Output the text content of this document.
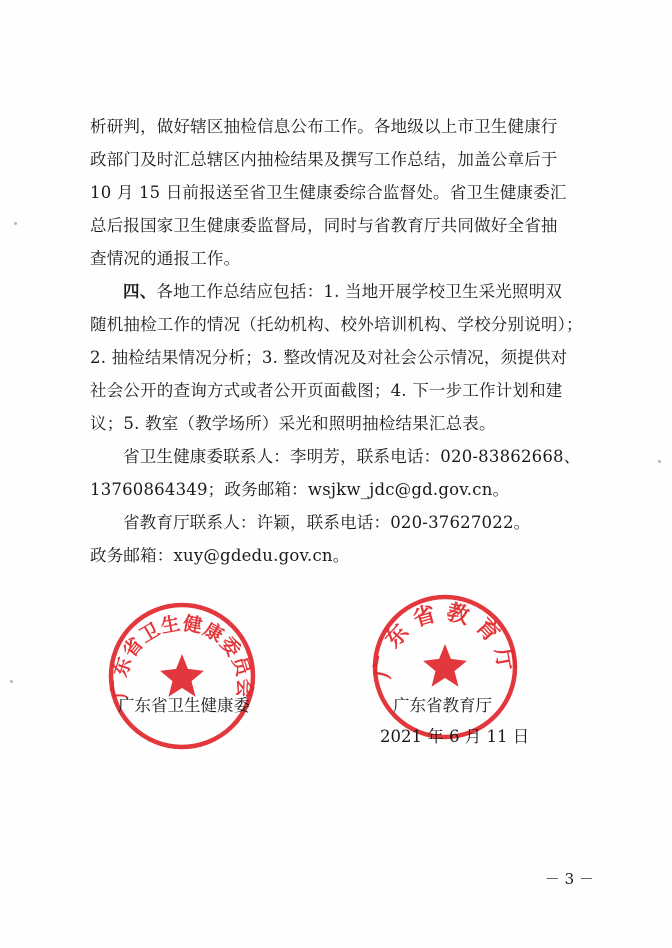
析研判，做好辖区抽检信息公布工作。各地级以上市卫生健康行
政部门及时汇总辖区内抽检结果及撰写工作总结，加盖公章后于
10 月 15 日前报送至省卫生健康委综合监督处。省卫生健康委汇
总后报国家卫生健康委监督局，同时与省教育厅共同做好全省抽
查情况的通报工作。
四、各地工作总结应包括：1. 当地开展学校卫生采光照明双
随机抽检工作的情况（托幼机构、校外培训机构、学校分别说明）；
2. 抽检结果情况分析；3. 整改情况及对社会公示情况，须提供对
社会公开的查询方式或者公开页面截图；4. 下一步工作计划和建
议；5. 教室（教学场所）采光和照明抽检结果汇总表。
省卫生健康委联系人：李明芳，联系电话：020-83862668、
13760864349；政务邮箱：wsjkw_jdc@gd.gov.cn。
省教育厅联系人：许颖，联系电话：020-37627022。
政务邮箱：xuy@gdedu.gov.cn。
广东省卫生健康委员会
广东省教育厅
广东省卫生健康委	广东省教育厅
2021 年 6 月 11 日
－ 3 －
